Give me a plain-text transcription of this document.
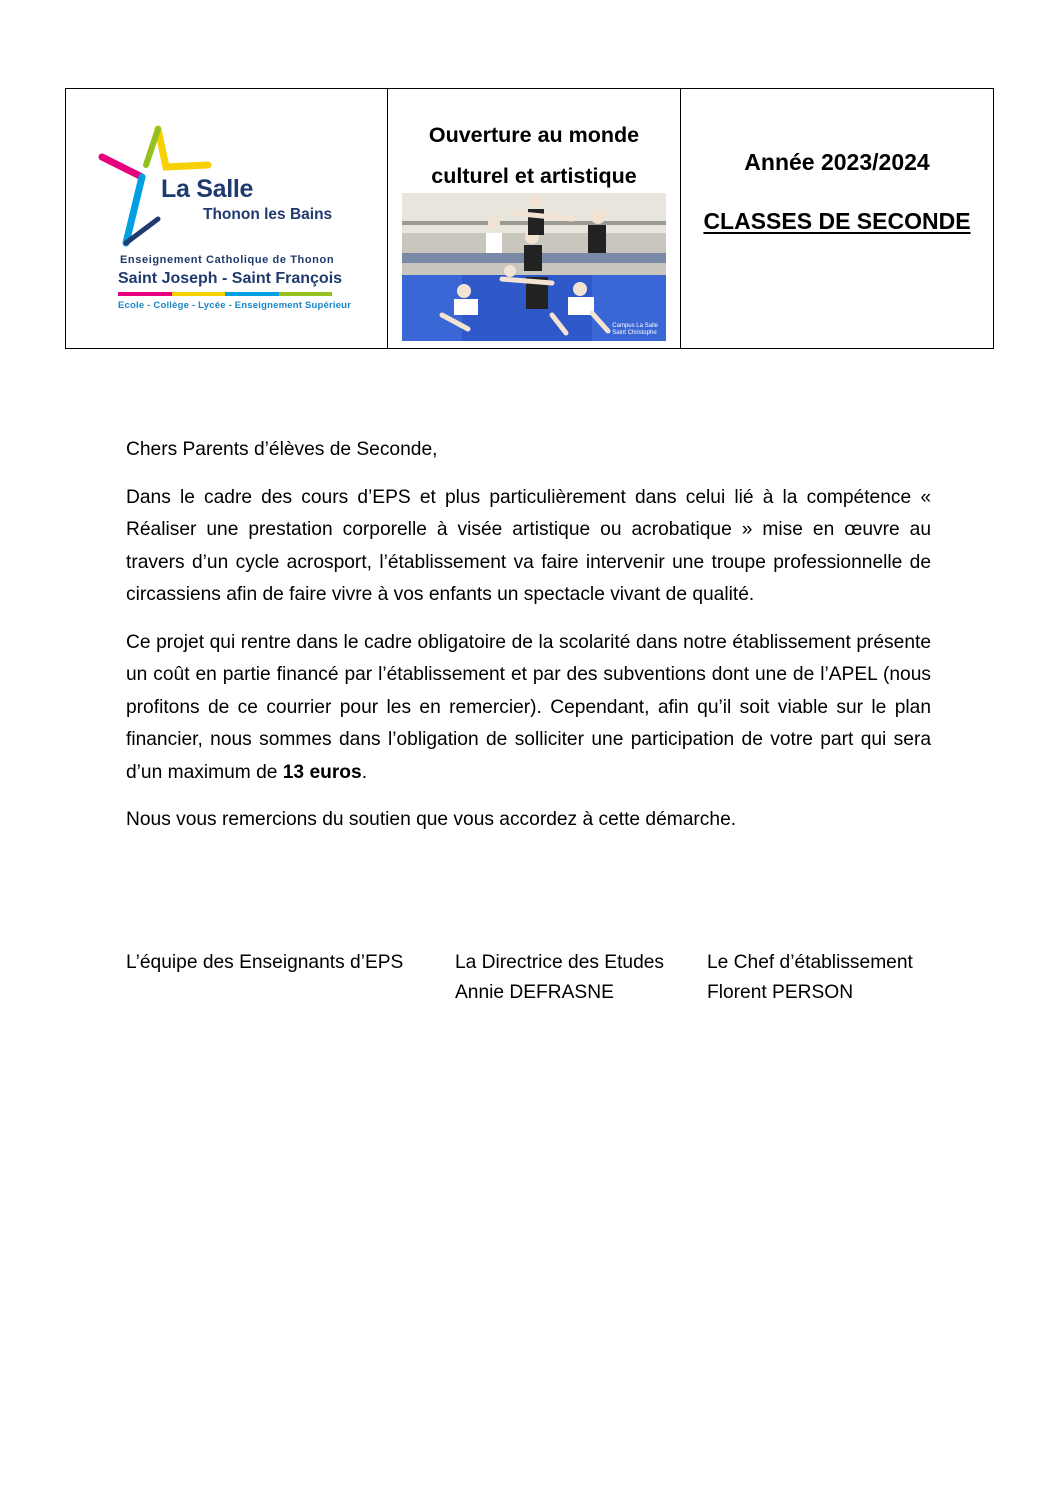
La Salle
Thonon les Bains
Enseignement Catholique de Thonon
Saint Joseph - Saint François
Ecole - Collège - Lycée - Enseignement Supérieur
Ouverture au monde
culturel et artistique
Campus La Salle
Saint Christophe
Année 2023/2024
CLASSES DE SECONDE

Chers Parents d’élèves de Seconde,

Dans le cadre des cours d’EPS et plus particulièrement dans celui lié à la compétence « Réaliser une prestation corporelle à visée artistique ou acrobatique » mise en œuvre au travers d’un cycle acrosport, l’établissement va faire intervenir une troupe professionnelle de circassiens afin de faire vivre à vos enfants un spectacle vivant de qualité.

Ce projet qui rentre dans le cadre obligatoire de la scolarité dans notre établissement présente un coût en partie financé par l’établissement et par des subventions dont une de l’APEL (nous profitons de ce courrier pour les en remercier). Cependant, afin qu’il soit viable sur le plan financier, nous sommes dans l’obligation de solliciter une participation de votre part qui sera d’un maximum de 13 euros.

Nous vous remercions du soutien que vous accordez à cette démarche.

L’équipe des Enseignants d’EPS	La Directrice des Etudes
Annie DEFRASNE
Le Chef d’établissement
Florent PERSON
